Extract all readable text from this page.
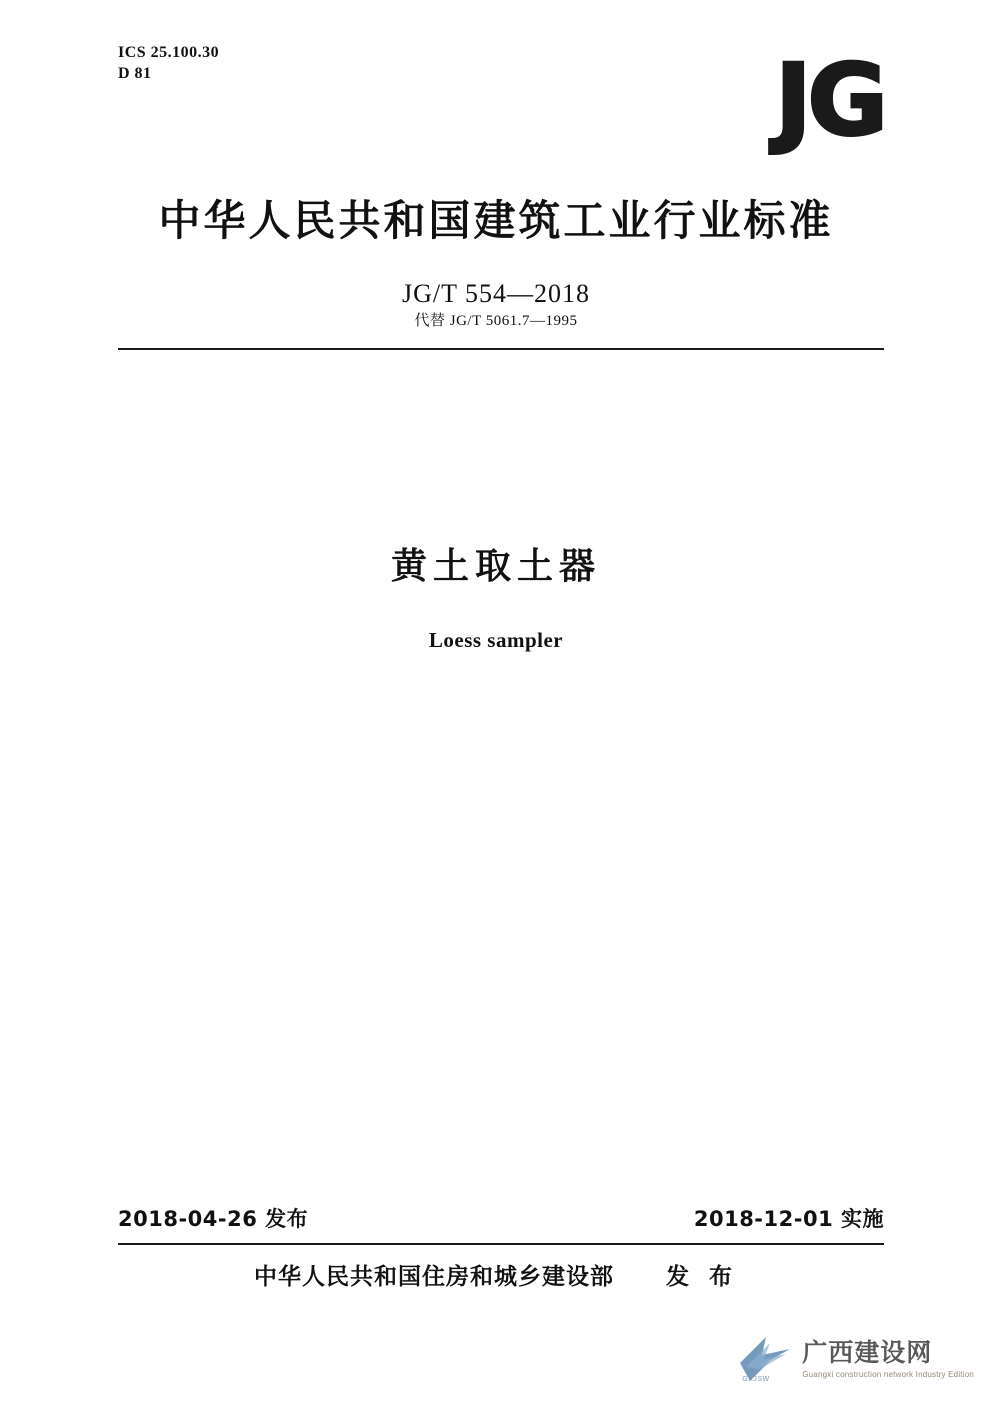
ICS 25.100.30
D 81	JG
中华人民共和国建筑工业行业标准
JG/T 554—2018
代替 JG/T 5061.7—1995
黄土取土器
Loess sampler
2018-04-26 发布	2018-12-01 实施
中华人民共和国住房和城乡建设部 发 布
GXJSW
广西建设网
Guangxi construction network Industry Edition
